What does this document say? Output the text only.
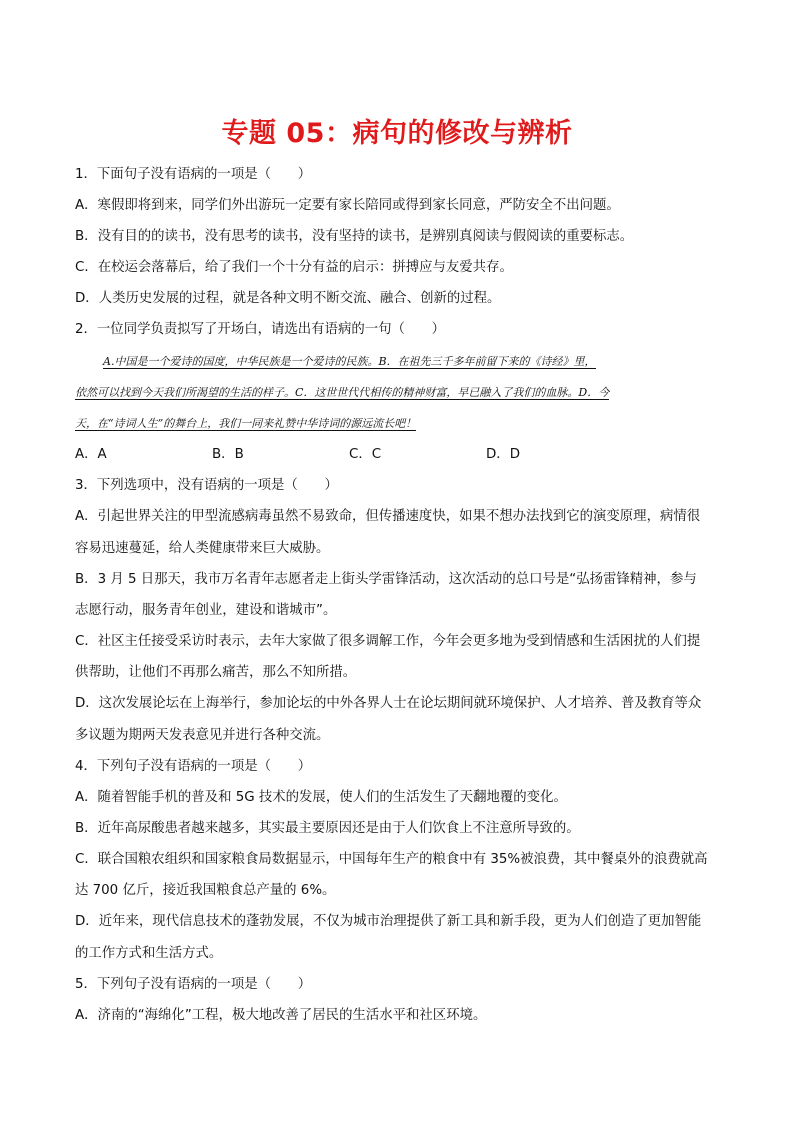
专题 05：病句的修改与辨析
1．下面句子没有语病的一项是（　　）
A．寒假即将到来，同学们外出游玩一定要有家长陪同或得到家长同意，严防安全不出问题。
B．没有目的的读书，没有思考的读书，没有坚持的读书，是辨别真阅读与假阅读的重要标志。
C．在校运会落幕后，给了我们一个十分有益的启示：拼搏应与友爱共存。
D．人类历史发展的过程，就是各种文明不断交流、融合、创新的过程。
2．一位同学负责拟写了开场白，请选出有语病的一句（　　）
A.中国是一个爱诗的国度，中华民族是一个爱诗的民族。B．在祖先三千多年前留下来的《诗经》里，
依然可以找到今天我们所渴望的生活的样子。C．这世世代代相传的精神财富，早已融入了我们的血脉。D．今
天，在“诗词人生”的舞台上，我们一同来礼赞中华诗词的源远流长吧！
A．A	B．B	C．C	D．D
3．下列选项中，没有语病的一项是（　　）
A．引起世界关注的甲型流感病毒虽然不易致命，但传播速度快，如果不想办法找到它的演变原理，病情很
容易迅速蔓延，给人类健康带来巨大威胁。
B．3 月 5 日那天，我市万名青年志愿者走上街头学雷锋活动，这次活动的总口号是“弘扬雷锋精神，参与
志愿行动，服务青年创业，建设和谐城市”。
C．社区主任接受采访时表示，去年大家做了很多调解工作，今年会更多地为受到情感和生活困扰的人们提
供帮助，让他们不再那么痛苦，那么不知所措。
D．这次发展论坛在上海举行，参加论坛的中外各界人士在论坛期间就环境保护、人才培养、普及教育等众
多议题为期两天发表意见并进行各种交流。
4．下列句子没有语病的一项是（　　）
A．随着智能手机的普及和 5G 技术的发展，使人们的生活发生了天翻地覆的变化。
B．近年高尿酸患者越来越多，其实最主要原因还是由于人们饮食上不注意所导致的。
C．联合国粮农组织和国家粮食局数据显示，中国每年生产的粮食中有 35%被浪费，其中餐桌外的浪费就高
达 700 亿斤，接近我国粮食总产量的 6%。
D．近年来，现代信息技术的蓬勃发展，不仅为城市治理提供了新工具和新手段，更为人们创造了更加智能
的工作方式和生活方式。
5．下列句子没有语病的一项是（　　）
A．济南的“海绵化”工程，极大地改善了居民的生活水平和社区环境。
